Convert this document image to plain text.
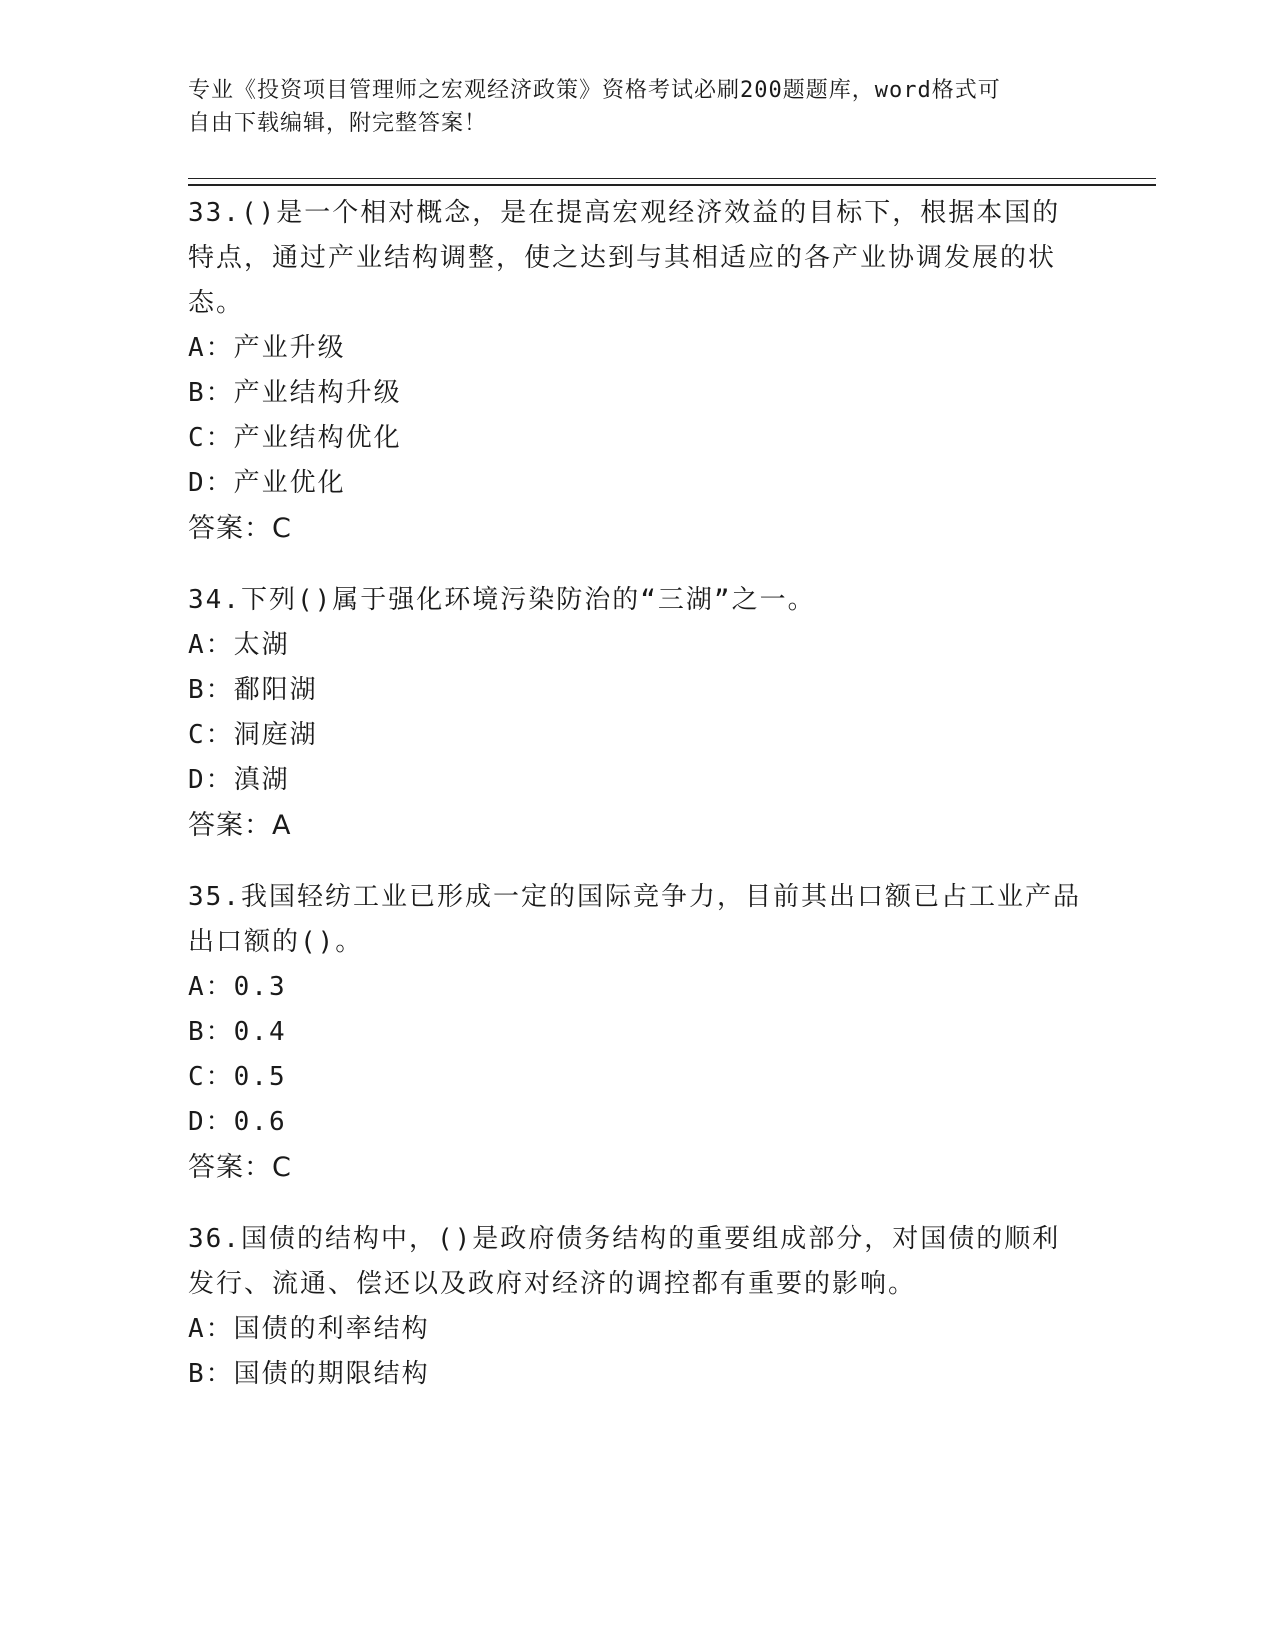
专业《投资项目管理师之宏观经济政策》资格考试必刷200题题库，word格式可
自由下载编辑，附完整答案！

33.()是一个相对概念，是在提高宏观经济效益的目标下，根据本国的特点，通过产业结构调整，使之达到与其相适应的各产业协调发展的状态。

A：产业升级
B：产业结构升级
C：产业结构优化
D：产业优化
答案：C

34.下列()属于强化环境污染防治的“三湖”之一。

A：太湖
B：鄱阳湖
C：洞庭湖
D：滇湖
答案：A

35.我国轻纺工业已形成一定的国际竞争力，目前其出口额已占工业产品出口额的()。

A：0.3
B：0.4
C：0.5
D：0.6
答案：C

36.国债的结构中，()是政府债务结构的重要组成部分，对国债的顺利发行、流通、偿还以及政府对经济的调控都有重要的影响。

A：国债的利率结构
B：国债的期限结构
